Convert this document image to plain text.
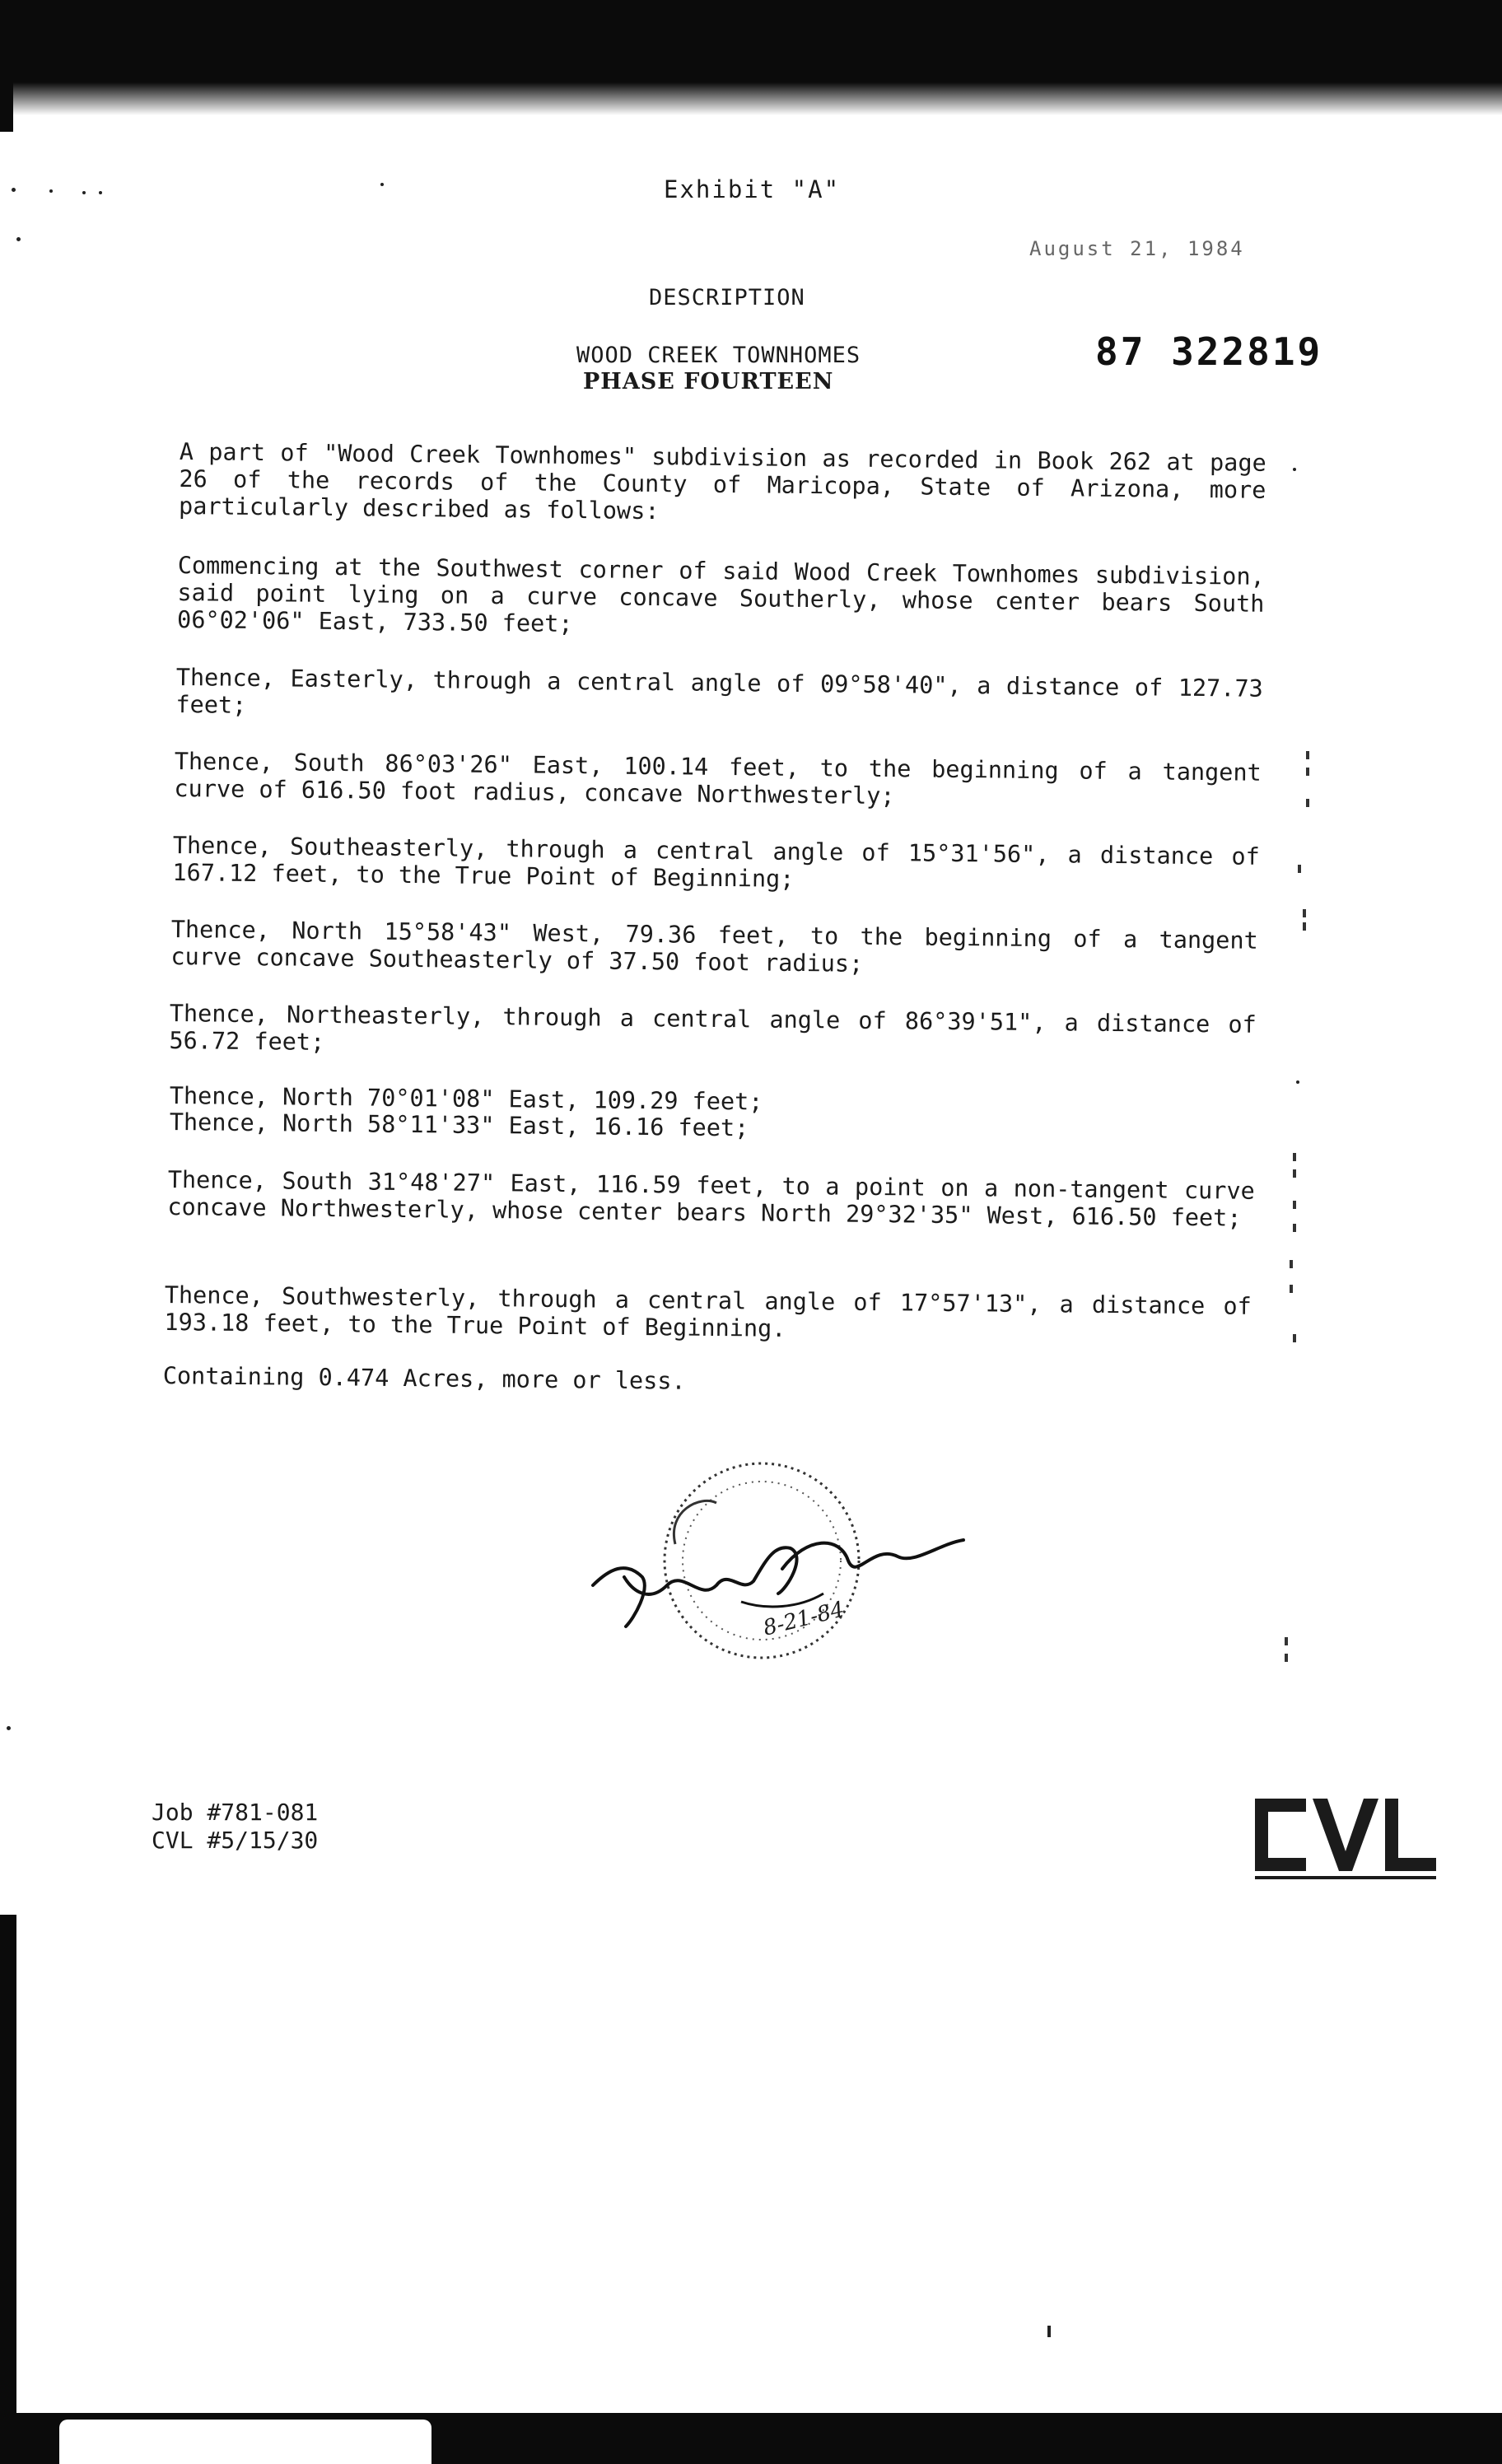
Exhibit "A"
August 21, 1984
DESCRIPTION
WOOD CREEK TOWNHOMES
PHASE FOURTEEN
87 322819
A part of "Wood Creek Townhomes" subdivision as recorded in Book 262 at page 26 of the records of the County of Maricopa, State of Arizona, more particularly described as follows:
Commencing at the Southwest corner of said Wood Creek Townhomes subdivision, said point lying on a curve concave Southerly, whose center bears South 06°02'06" East, 733.50 feet;
Thence, Easterly, through a central angle of 09°58'40", a distance of 127.73 feet;
Thence, South 86°03'26" East, 100.14 feet, to the beginning of a tangent curve of 616.50 foot radius, concave Northwesterly;
Thence, Southeasterly, through a central angle of 15°31'56", a distance of 167.12 feet, to the True Point of Beginning;
Thence, North 15°58'43" West, 79.36 feet, to the beginning of a tangent curve concave Southeasterly of 37.50 foot radius;
Thence, Northeasterly, through a central angle of 86°39'51", a distance of 56.72 feet;
Thence, North 70°01'08" East, 109.29 feet;
Thence, North 58°11'33" East, 16.16 feet;
Thence, South 31°48'27" East, 116.59 feet, to a point on a non-tangent curve concave Northwesterly, whose center bears North 29°32'35" West, 616.50 feet;
Thence, Southwesterly, through a central angle of 17°57'13", a distance of 193.18 feet, to the True Point of Beginning.
Containing 0.474 Acres, more or less.
8-21-84
Job #781-081
CVL #5/15/30
